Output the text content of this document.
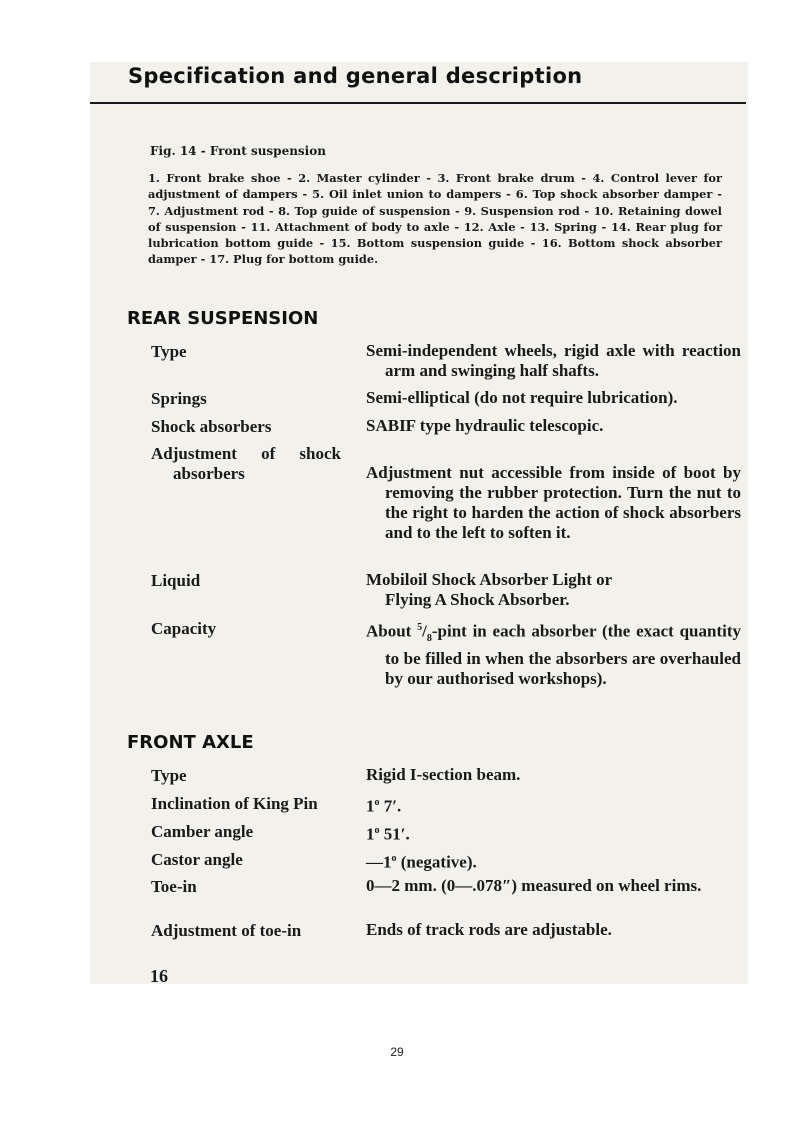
Specification and general description
Fig. 14 - Front suspension

1. Front brake shoe - 2. Master cylinder - 3. Front brake drum - 4. Control lever for adjustment of dampers - 5. Oil inlet union to dampers - 6. Top shock absorber damper - 7. Adjustment rod - 8. Top guide of suspension - 9. Suspension rod - 10. Retaining dowel of suspension - 11. Attachment of body to axle - 12. Axle - 13. Spring - 14. Rear plug for lubrication bottom guide - 15. Bottom suspension guide - 16. Bottom shock absorber damper - 17. Plug for bottom guide.

REAR SUSPENSION
Type	Semi-independent wheels, rigid axle with reaction arm and swinging half shafts.

Springs	Semi-elliptical (do not require lubrication).

Shock absorbers	SABIF type hydraulic telescopic.

Adjustment of shock
absorbers	Adjustment nut accessible from inside of boot by removing the rubber protection. Turn the nut to the right to harden the action of shock absorbers and to the left to soften it.

Liquid	Mobiloil Shock Absorber Light or
Flying A Shock Absorber.
Capacity	About $^5/_8$-pint in each absorber (the exact quantity to be filled in when the absorbers are overhauled by our authorised workshops).

FRONT AXLE
Type	Rigid I-section beam.

Inclination of King Pin	1$^o$ 7′.

Camber angle	1$^o$ 51′.

Castor angle	—1$^o$ (negative).

Toe-in	0—2 mm. (0—.078″) measured on wheel rims.

Adjustment of toe-in	Ends of track rods are adjustable.

16
29
